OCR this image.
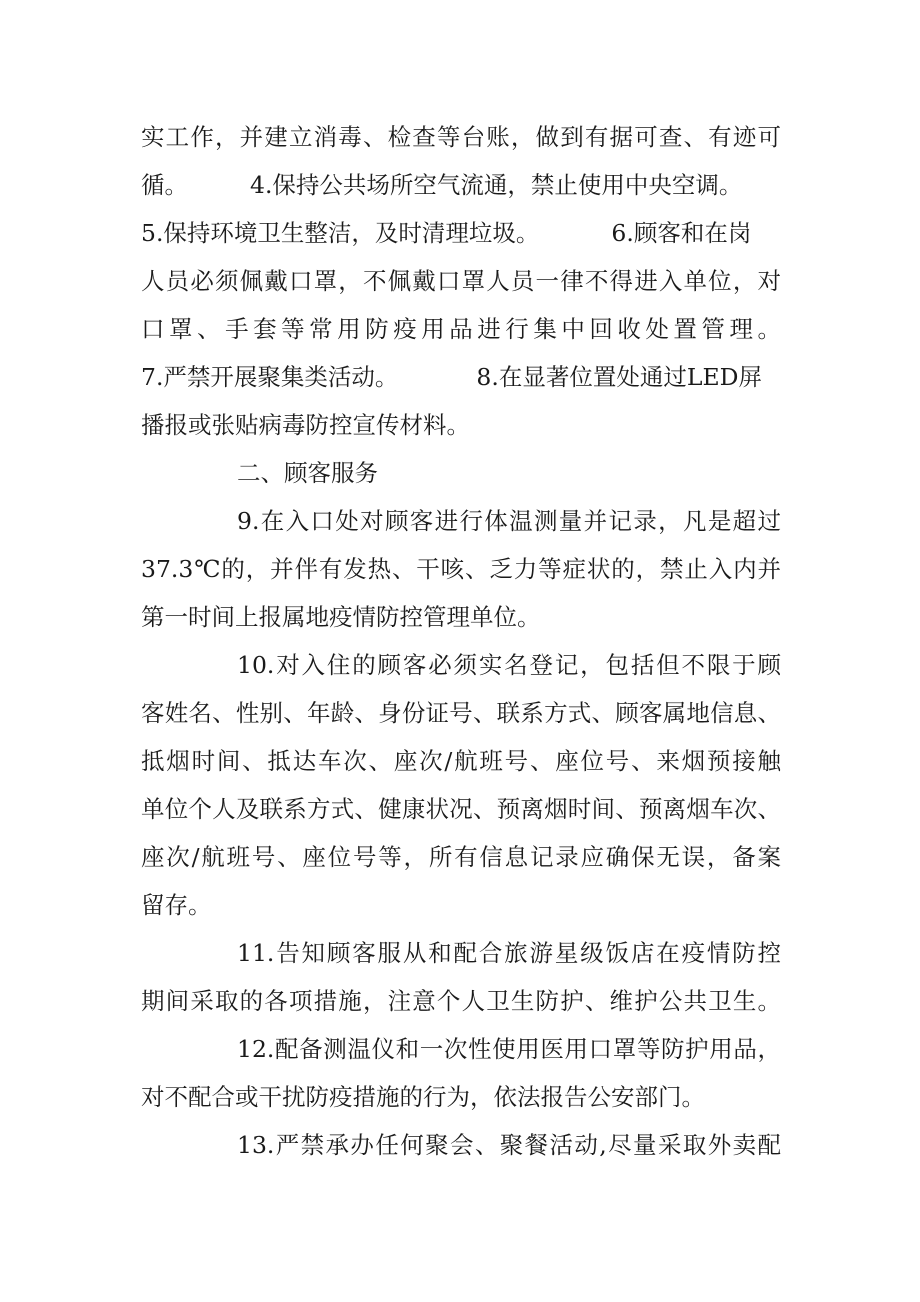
实工作，并建立消毒、检查等台账，做到有据可查、有迹可
循。	4.保持公共场所空气流通，禁止使用中央空调。
5.保持环境卫生整洁，及时清理垃圾。	6.顾客和在岗
人员必须佩戴口罩，不佩戴口罩人员一律不得进入单位，对
口罩、手套等常用防疫用品进行集中回收处置管理。
7.严禁开展聚集类活动。	8.在显著位置处通过LED屏
播报或张贴病毒防控宣传材料。
二、顾客服务
9.在入口处对顾客进行体温测量并记录，凡是超过
37.3℃的，并伴有发热、干咳、乏力等症状的，禁止入内并
第一时间上报属地疫情防控管理单位。
10.对入住的顾客必须实名登记，包括但不限于顾
客姓名、性别、年龄、身份证号、联系方式、顾客属地信息、
抵烟时间、抵达车次、座次/航班号、座位号、来烟预接触
单位个人及联系方式、健康状况、预离烟时间、预离烟车次、
座次/航班号、座位号等，所有信息记录应确保无误，备案
留存。
11.告知顾客服从和配合旅游星级饭店在疫情防控
期间采取的各项措施，注意个人卫生防护、维护公共卫生。
12.配备测温仪和一次性使用医用口罩等防护用品，
对不配合或干扰防疫措施的行为，依法报告公安部门。
13.严禁承办任何聚会、聚餐活动,尽量采取外卖配
